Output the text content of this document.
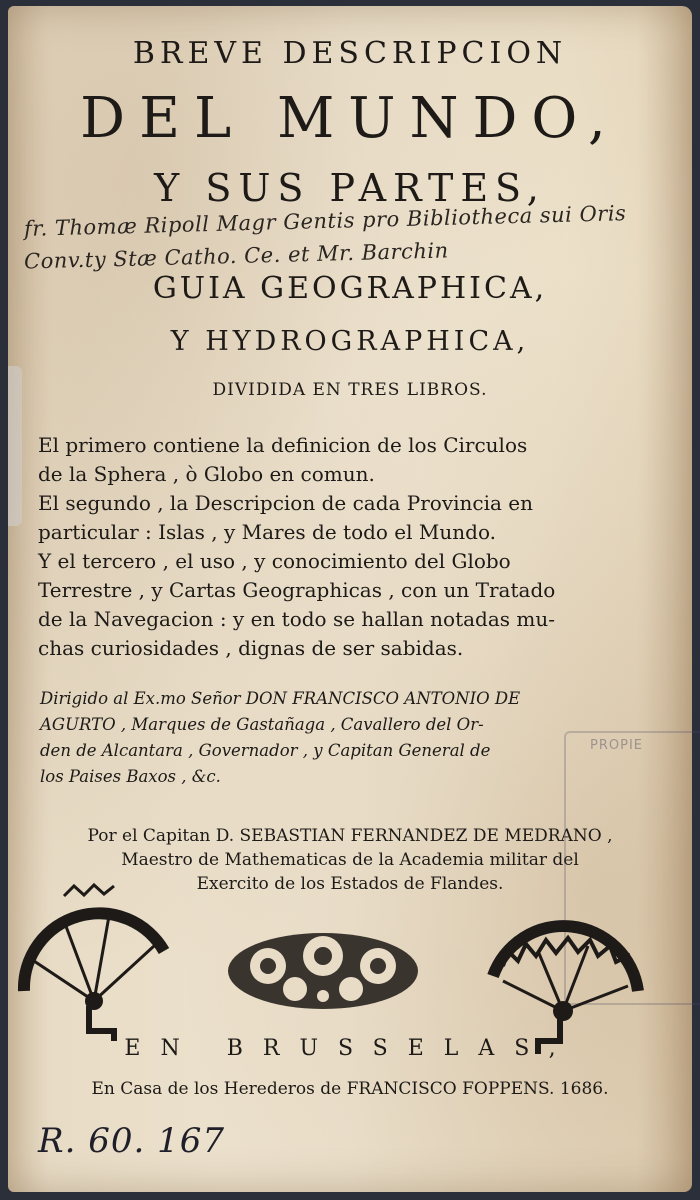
BREVE DESCRIPCION
DEL MUNDO,
Y SUS PARTES,
fr. Thomæ Ripoll Magr Gentis pro Bibliotheca sui Oris
Conv.ty Stæ Catho. Ce. et Mr. Barchin
GUIA GEOGRAPHICA,
Y HYDROGRAPHICA,
DIVIDIDA EN TRES LIBROS.

El primero contiene la definicion de los Circulos
de la Sphera , ò Globo en comun.

El segundo , la Descripcion de cada Provincia en
particular : Islas , y Mares de todo el Mundo.

Y el tercero , el uso , y conocimiento del Globo
Terrestre , y Cartas Geographicas , con un Tratado
de la Navegacion : y en todo se hallan notadas mu-
chas curiosidades , dignas de ser sabidas.

Dirigido al Ex.mo Señor DON FRANCISCO ANTONIO DE
AGURTO , Marques de Gastañaga , Cavallero del Or-
den de Alcantara , Governador , y Capitan General de
los Paises Baxos , &c.
Por el Capitan D. SEBASTIAN FERNANDEZ DE MEDRANO ,
Maestro de Mathematicas de la Academia militar del
Exercito de los Estados de Flandes.
PROPIE
EN BRUSSELAS,
En Casa de los Herederos de FRANCISCO FOPPENS. 1686.
R. 60. 167
